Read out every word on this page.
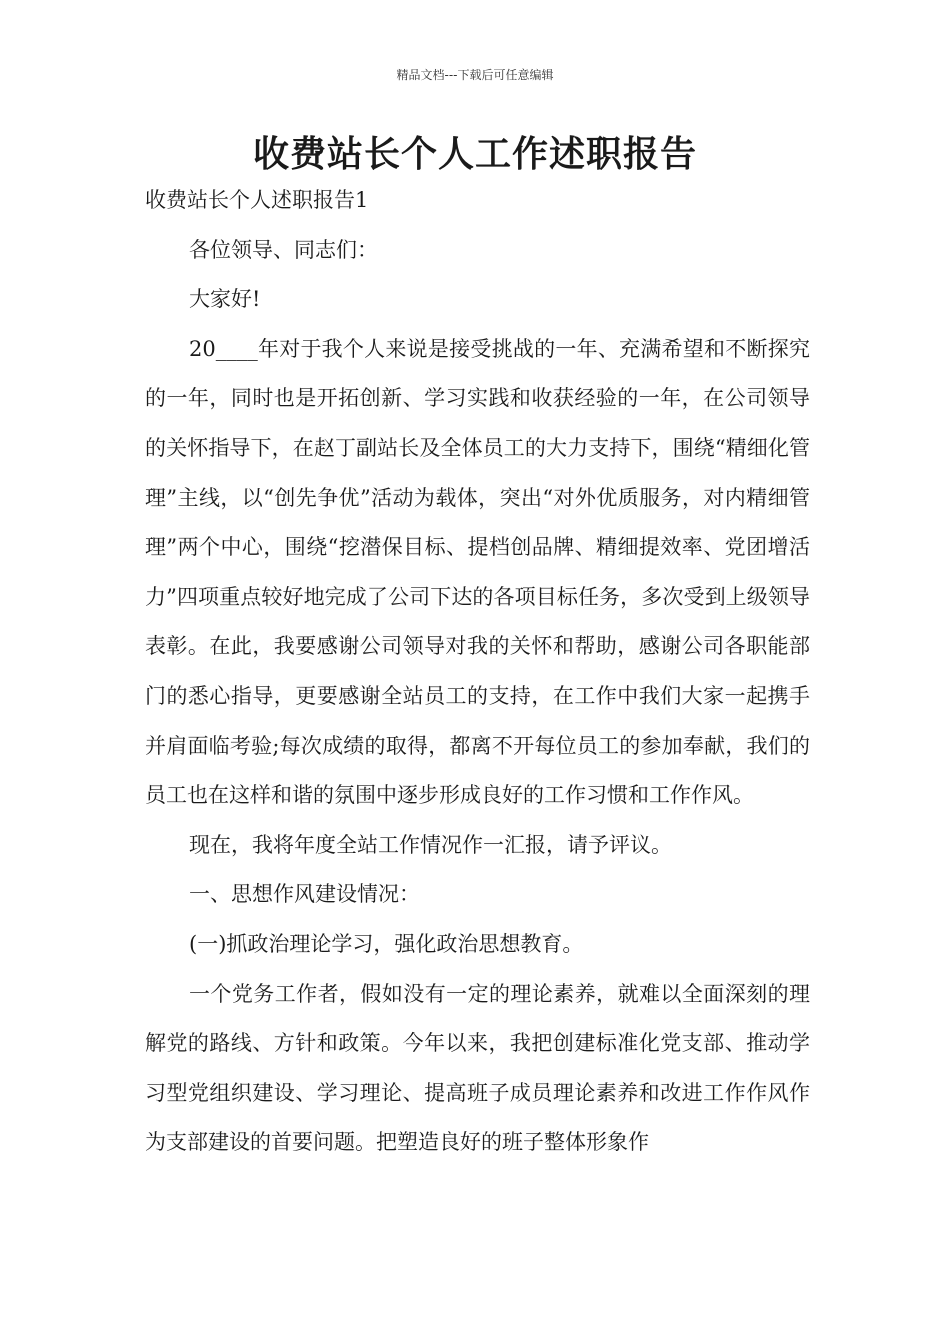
精品文档---下载后可任意编辑
收费站长个人工作述职报告

收费站长个人述职报告1

各位领导、同志们：

大家好!

20____年对于我个人来说是接受挑战的一年、充满希望和不断探究的一年，同时也是开拓创新、学习实践和收获经验的一年，在公司领导的关怀指导下，在赵丁副站长及全体员工的大力支持下，围绕“精细化管理”主线，以“创先争优”活动为载体，突出“对外优质服务，对内精细管理”两个中心，围绕“挖潜保目标、提档创品牌、精细提效率、党团增活力”四项重点较好地完成了公司下达的各项目标任务，多次受到上级领导表彰。在此，我要感谢公司领导对我的关怀和帮助，感谢公司各职能部门的悉心指导，更要感谢全站员工的支持，在工作中我们大家一起携手并肩面临考验;每次成绩的取得，都离不开每位员工的参加奉献，我们的员工也在这样和谐的氛围中逐步形成良好的工作习惯和工作作风。

现在，我将年度全站工作情况作一汇报，请予评议。

一、思想作风建设情况：

(一)抓政治理论学习，强化政治思想教育。

一个党务工作者，假如没有一定的理论素养，就难以全面深刻的理解党的路线、方针和政策。今年以来，我把创建标准化党支部、推动学习型党组织建设、学习理论、提高班子成员理论素养和改进工作作风作为支部建设的首要问题。把塑造良好的班子整体形象作
